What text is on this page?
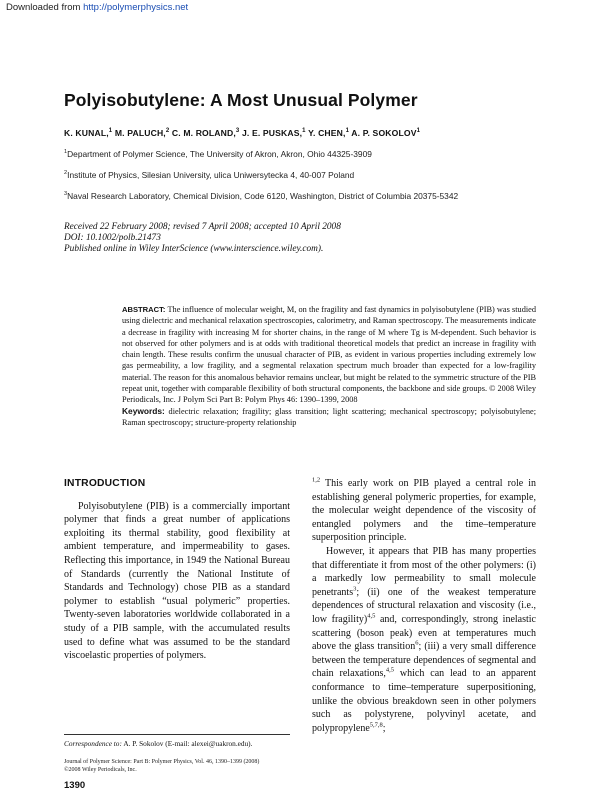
Downloaded from http://polymerphysics.net
Polyisobutylene: A Most Unusual Polymer
K. KUNAL,$^1$ M. PALUCH,$^2$ C. M. ROLAND,$^3$ J. E. PUSKAS,$^1$ Y. CHEN,$^1$ A. P. SOKOLOV$^1$
$^1$Department of Polymer Science, The University of Akron, Akron, Ohio 44325-3909
$^2$Institute of Physics, Silesian University, ulica Uniwersytecka 4, 40-007 Poland
$^3$Naval Research Laboratory, Chemical Division, Code 6120, Washington, District of Columbia 20375-5342
Received 22 February 2008; revised 7 April 2008; accepted 10 April 2008
DOI: 10.1002/polb.21473
Published online in Wiley InterScience (www.interscience.wiley.com).

ABSTRACT: The influence of molecular weight, M, on the fragility and fast dynamics in polyisobutylene (PIB) was studied using dielectric and mechanical relaxation spectroscopies, calorimetry, and Raman spectroscopy. The measurements indicate a decrease in fragility with increasing M for shorter chains, in the range of M where Tg is M-dependent. Such behavior is not observed for other polymers and is at odds with traditional theoretical models that predict an increase in fragility with chain length. These results confirm the unusual character of PIB, as evident in various properties including extremely low gas permeability, a low fragility, and a segmental relaxation spectrum much broader than expected for a low-fragility material. The reason for this anomalous behavior remains unclear, but might be related to the symmetric structure of the PIB repeat unit, together with comparable flexibility of both structural components, the backbone and side groups. © 2008 Wiley Periodicals, Inc. J Polym Sci Part B: Polym Phys 46: 1390–1399, 2008

Keywords: dielectric relaxation; fragility; glass transition; light scattering; mechanical spectroscopy; polyisobutylene; Raman spectroscopy; structure-property relationship

INTRODUCTION

Polyisobutylene (PIB) is a commercially important polymer that finds a great number of applications exploiting its thermal stability, good flexibility at ambient temperature, and impermeability to gases. Reflecting this importance, in 1949 the National Bureau of Standards (currently the National Institute of Standards and Technology) chose PIB as a standard polymer to establish “usual polymeric” properties. Twenty-seven laboratories worldwide collaborated in a study of a PIB sample, with the accumulated results used to define what was assumed to be the standard viscoelastic properties of polymers.

$^{1,2}$ This early work on PIB played a central role in establishing general polymeric properties, for example, the molecular weight dependence of the viscosity of entangled polymers and the time–temperature superposition principle.

However, it appears that PIB has many properties that differentiate it from most of the other polymers: (i) a markedly low permeability to small molecule penetrants$^3$; (ii) one of the weakest temperature dependences of structural relaxation and viscosity (i.e., low fragility)$^{4,5}$ and, correspondingly, strong inelastic scattering (boson peak) even at temperatures much above the glass transition$^6$; (iii) a very small difference between the temperature dependences of segmental and chain relaxations,$^{4,5}$ which can lead to an apparent conformance to time–temperature superpositioning, unlike the obvious breakdown seen in other polymers such as polystyrene, polyvinyl acetate, and polypropylene$^{5,7,8}$;

Correspondence to: A. P. Sokolov (E-mail: alexei@uakron.edu).
Journal of Polymer Science: Part B: Polymer Physics, Vol. 46, 1390–1399 (2008)
©2008 Wiley Periodicals, Inc.
1390
